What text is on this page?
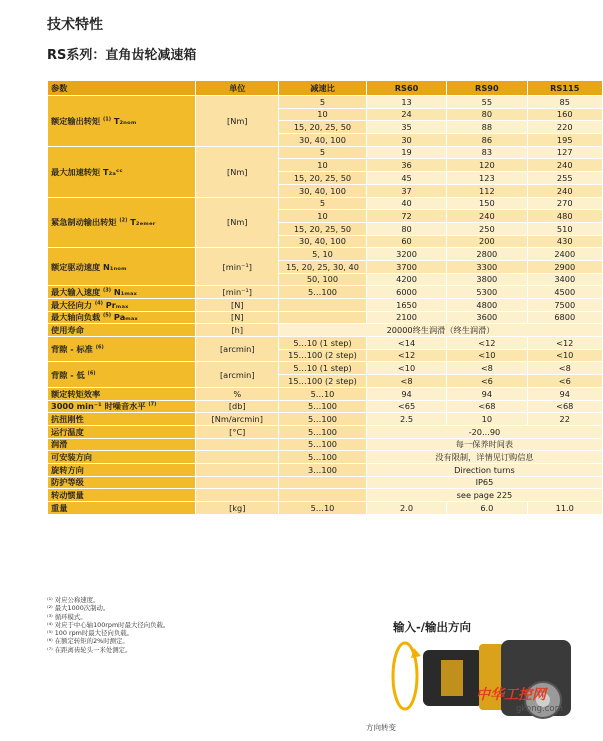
技术特性
RS系列：直角齿轮减速箱
参数	单位	减速比	RS60	RS90	RS115
额定输出转矩 $^{(1)}$ T₂ₙₒₘ	[Nm]	5	13	55	85
		10	24	80	160
		15, 20, 25, 50	35	88	220
		30, 40, 100	30	86	195
最大加速转矩 T₂ₐᶜᶜ	[Nm]	5	19	83	127
		10	36	120	240
		15, 20, 25, 50	45	123	255
		30, 40, 100	37	112	240
紧急制动输出转矩 $^{(2)}$ T₂ₑₘₑᵣ	[Nm]	5	40	150	270
		10	72	240	480
		15, 20, 25, 50	80	250	510
		30, 40, 100	60	200	430
额定驱动速度 N₁ₙₒₘ	[min⁻¹]	5, 10	3200	2800	2400
		15, 20, 25, 30, 40	3700	3300	2900
		50, 100	4200	3800	3400
最大输入速度 $^{(3)}$ N₁ₘₐₓ	[min⁻¹]	5…100	6000	5300	4500
最大径向力 $^{(4)}$ Prₘₐₓ	[N]		1650	4800	7500
最大轴向负载 $^{(5)}$ Paₘₐₓ	[N]		2100	3600	6800
使用寿命	[h]	20000终生润滑（终生润滑）			
背隙 - 标准 $^{(6)}$	[arcmin]	5…10 (1 step)	<14	<12	<12
		15…100 (2 step)	<12	<10	<10
背隙 - 低 $^{(6)}$	[arcmin]	5…10 (1 step)	<10	<8	<8
		15…100 (2 step)	<8	<6	<6
额定转矩效率	%	5…10	94	94	94
3000 min⁻¹ 时噪音水平 $^{(7)}$	[db]	5…100	<65	<68	<68
抗扭刚性	[Nm/arcmin]	5…100	2.5	10	22
运行温度	[°C]	5…100	-20...90		
润滑		5…100	每一保养时间表		
可安装方向		5…100	没有限制，详情见订购信息		
旋转方向		3…100	Direction turns		
防护等级			IP65		
转动惯量			see page 225		
重量	[kg]	5…10	2.0	6.0	11.0
⁽¹⁾ 对应公称速度。
⁽²⁾ 最大1000次制动。
⁽³⁾ 循环模式。
⁽⁴⁾ 对应于中心轴100rpm时最大径向负载。
⁽⁵⁾ 100 rpm时最大径向负载。
⁽⁶⁾ 在额定转矩的2%时测定。
⁽⁷⁾ 在距离齿轮头一米处测定。
输入-/输出方向
中华工控网
gkong.com
方向转变
